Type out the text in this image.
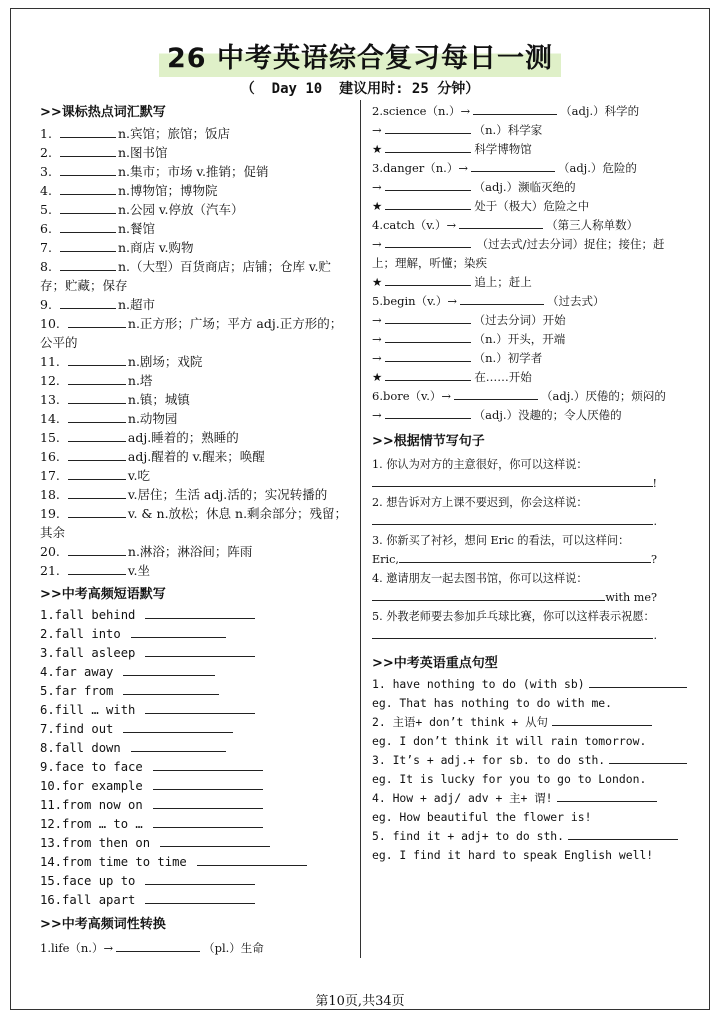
26 中考英语综合复习每日一测
（  Day 10  建议用时: 25 分钟）
>>课标热点词汇默写
1.	n.宾馆；旅馆；饭店
2.	n.图书馆
3.	n.集市；市场 v.推销；促销
4.	n.博物馆；博物院
5.	n.公园 v.停放（汽车）
6.	n.餐馆
7.	n.商店 v.购物
8.	n.（大型）百货商店；店铺；仓库 v.贮存；贮藏；保存
9.	n.超市
10.	n.正方形；广场；平方 adj.正方形的；公平的
11.	n.剧场；戏院
12.	n.塔
13.	n.镇；城镇
14.	n.动物园
15.	adj.睡着的；熟睡的
16.	adj.醒着的 v.醒来；唤醒
17.	v.吃
18.	v.居住；生活 adj.活的；实况转播的
19.	v. & n.放松；休息 n.剩余部分；残留；其余
20.	n.淋浴；淋浴间；阵雨
21.	v.坐
>>中考高频短语默写
1.fall behind
2.fall into
3.fall asleep
4.far away
5.far from
6.fill … with
7.find out
8.fall down
9.face to face
10.for example
11.from now on
12.from … to …
13.from then on
14.from time to time
15.face up to
16.fall apart
>>中考高频词性转换
1.life（n.）→	（pl.）生命
2.science（n.）→	（adj.）科学的
→	（n.）科学家
★	科学博物馆
3.danger（n.）→	（adj.）危险的
→	（adj.）濒临灭绝的
★	处于（极大）危险之中
4.catch（v.）→	（第三人称单数）
→	（过去式/过去分词）捉住；接住；赶上；理解，听懂；染疾
★	追上；赶上
5.begin（v.）→	（过去式）
→	（过去分词）开始
→	（n.）开头，开端
→	（n.）初学者
★	在……开始
6.bore（v.）→	（adj.）厌倦的；烦闷的
→	（adj.）没趣的；令人厌倦的
>>根据情节写句子
1. 你认为对方的主意很好，你可以这样说：
!
2. 想告诉对方上课不要迟到，你会这样说：
.
3. 你新买了衬衫，想问 Eric 的看法，可以这样问：
Eric,	?
4. 邀请朋友一起去图书馆，你可以这样说：
with me?
5. 外教老师要去参加乒乓球比赛，你可以这样表示祝愿：
.
>>中考英语重点句型
1. have nothing to do (with sb)
eg. That has nothing to do with me.
2. 主语+ don’t think + 从句
eg. I don’t think it will rain tomorrow.
3. It’s + adj.+ for sb. to do sth.
eg. It is lucky for you to go to London.
4. How + adj/ adv + 主+ 谓!
eg. How beautiful the flower is!
5. find it + adj+ to do sth.
eg. I find it hard to speak English well!
第10页,共34页
